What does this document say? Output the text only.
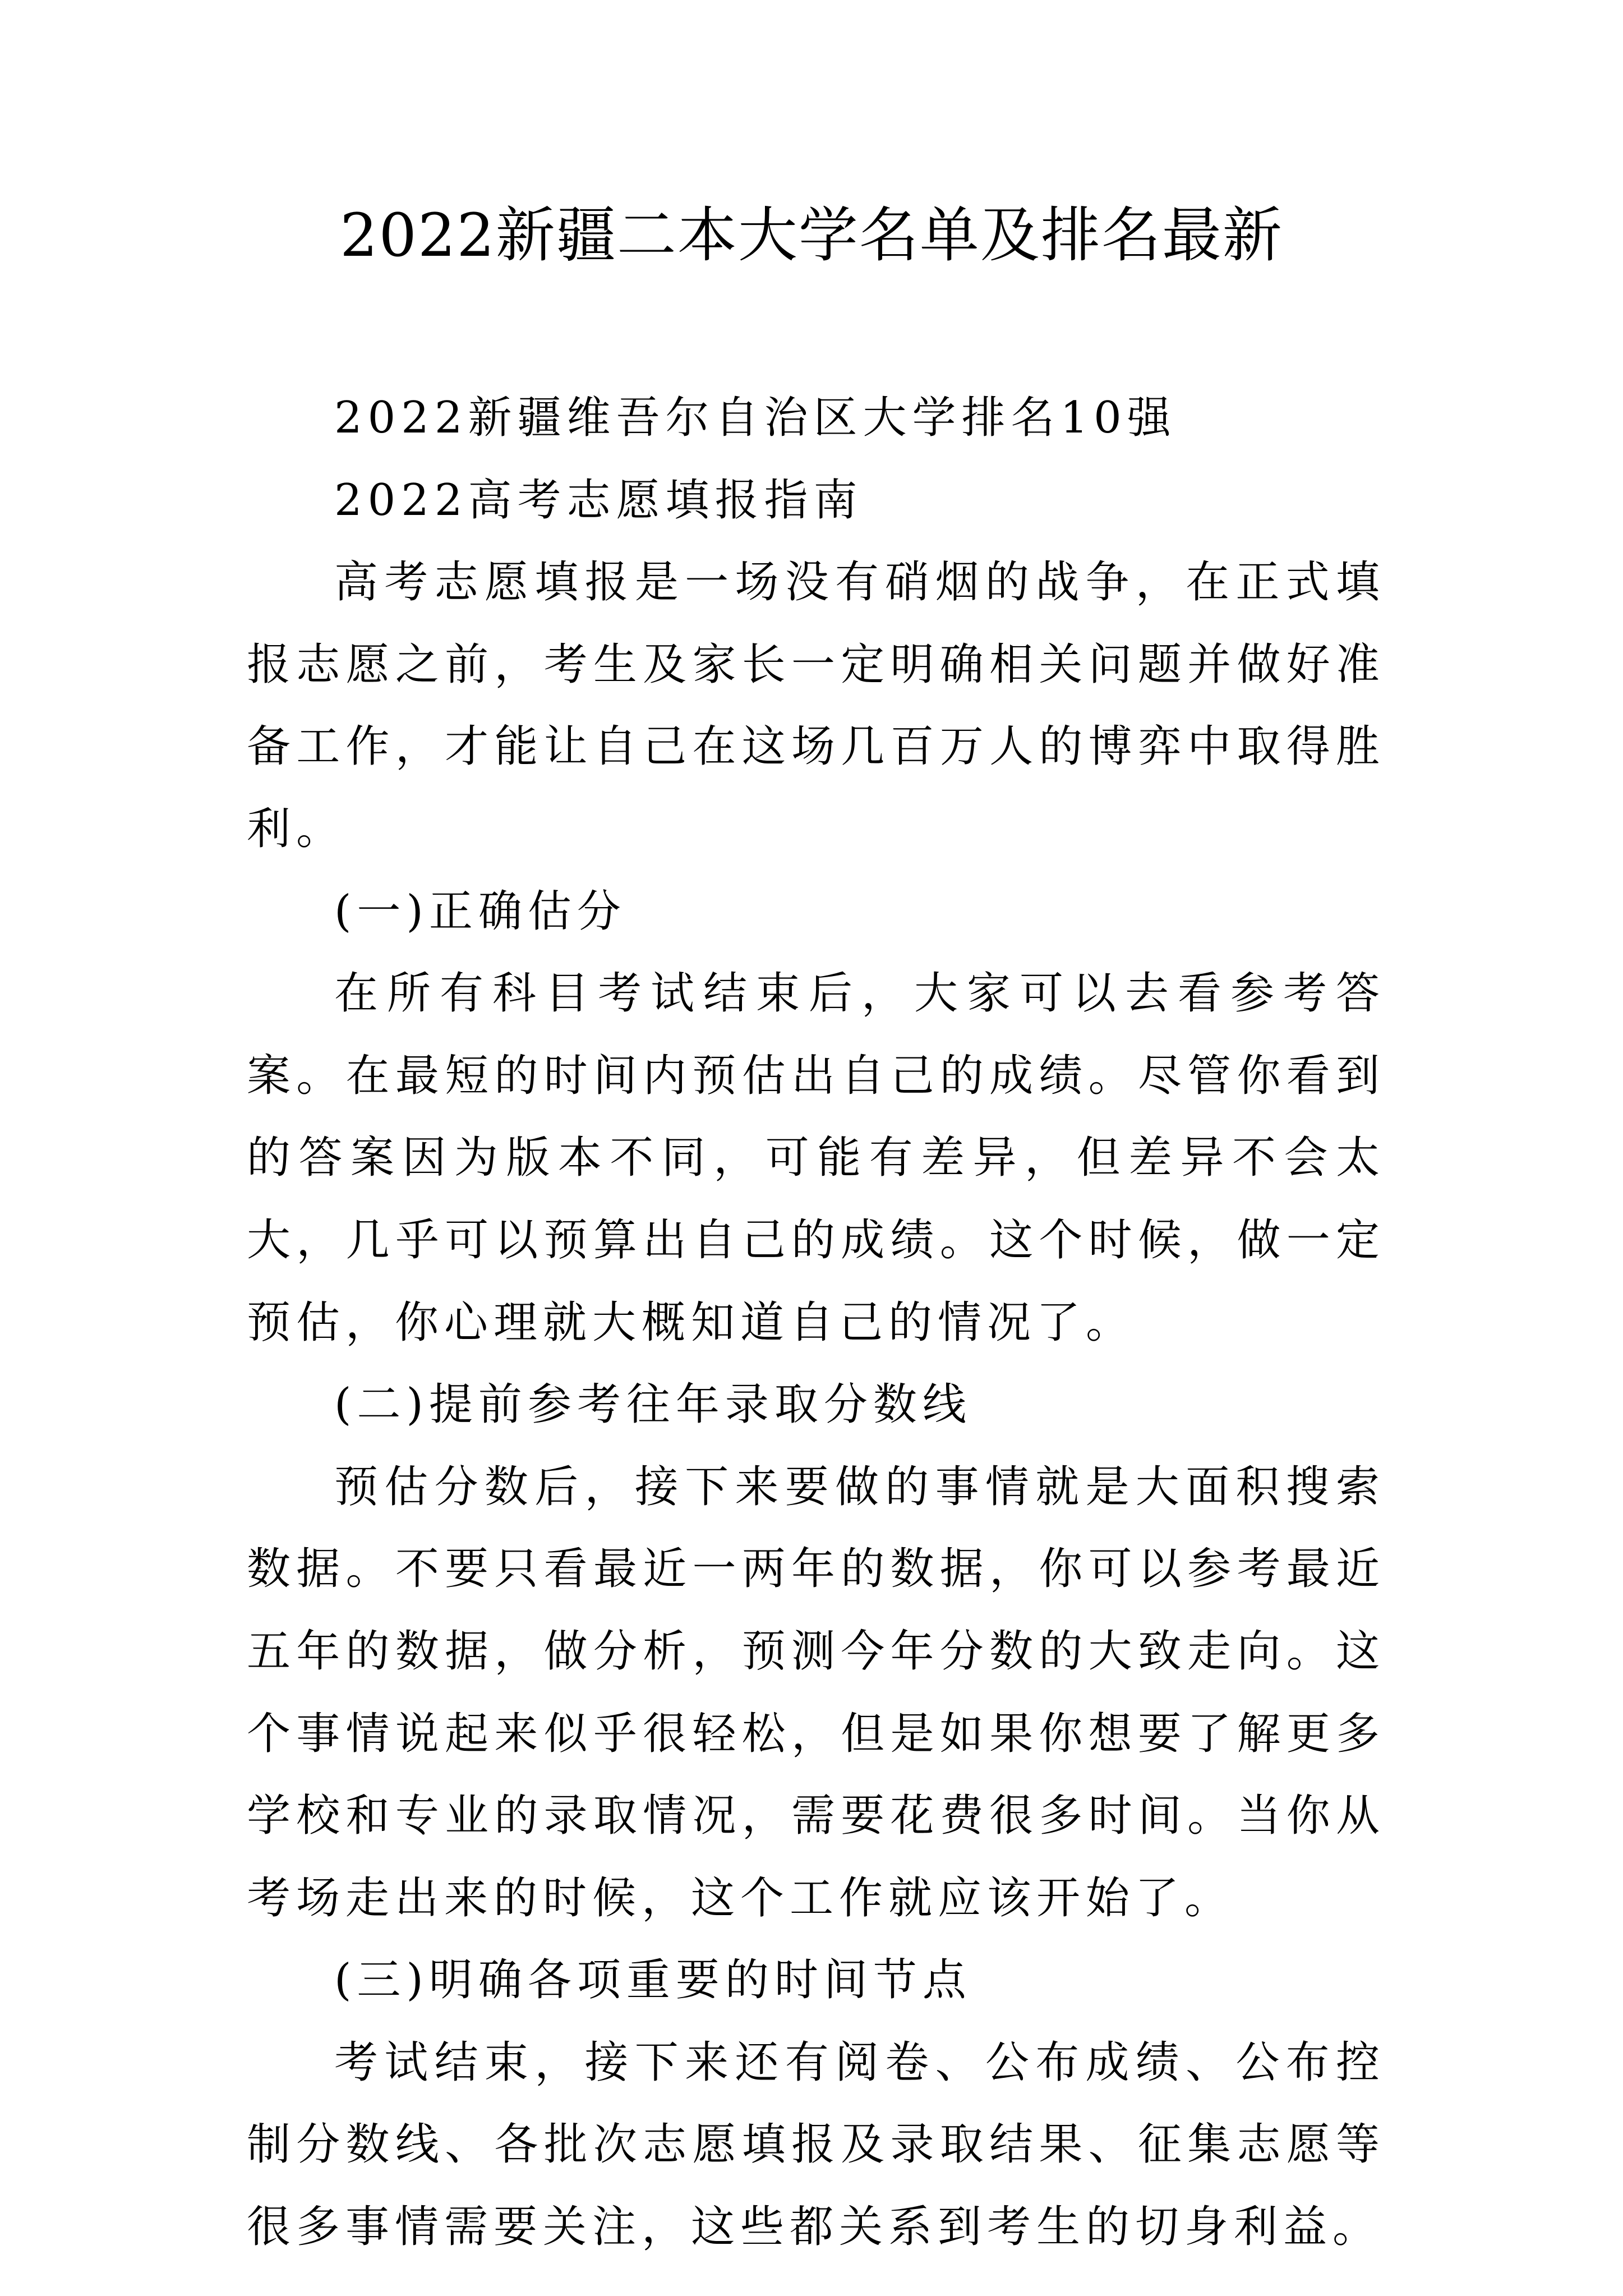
2022新疆二本大学名单及排名最新

2022新疆维吾尔自治区大学排名10强

2022高考志愿填报指南

高考志愿填报是一场没有硝烟的战争，在正式填报志愿之前，考生及家长一定明确相关问题并做好准备工作，才能让自己在这场几百万人的博弈中取得胜利。

(一)正确估分

在所有科目考试结束后，大家可以去看参考答案。在最短的时间内预估出自己的成绩。尽管你看到的答案因为版本不同，可能有差异，但差异不会太大，几乎可以预算出自己的成绩。这个时候，做一定预估，你心理就大概知道自己的情况了。

(二)提前参考往年录取分数线

预估分数后，接下来要做的事情就是大面积搜索数据。不要只看最近一两年的数据，你可以参考最近五年的数据，做分析，预测今年分数的大致走向。这个事情说起来似乎很轻松，但是如果你想要了解更多学校和专业的录取情况，需要花费很多时间。当你从考场走出来的时候，这个工作就应该开始了。

(三)明确各项重要的时间节点

考试结束，接下来还有阅卷、公布成绩、公布控制分数线、各批次志愿填报及录取结果、征集志愿等很多事情需要关注，这些都关系到考生的切身利益。
